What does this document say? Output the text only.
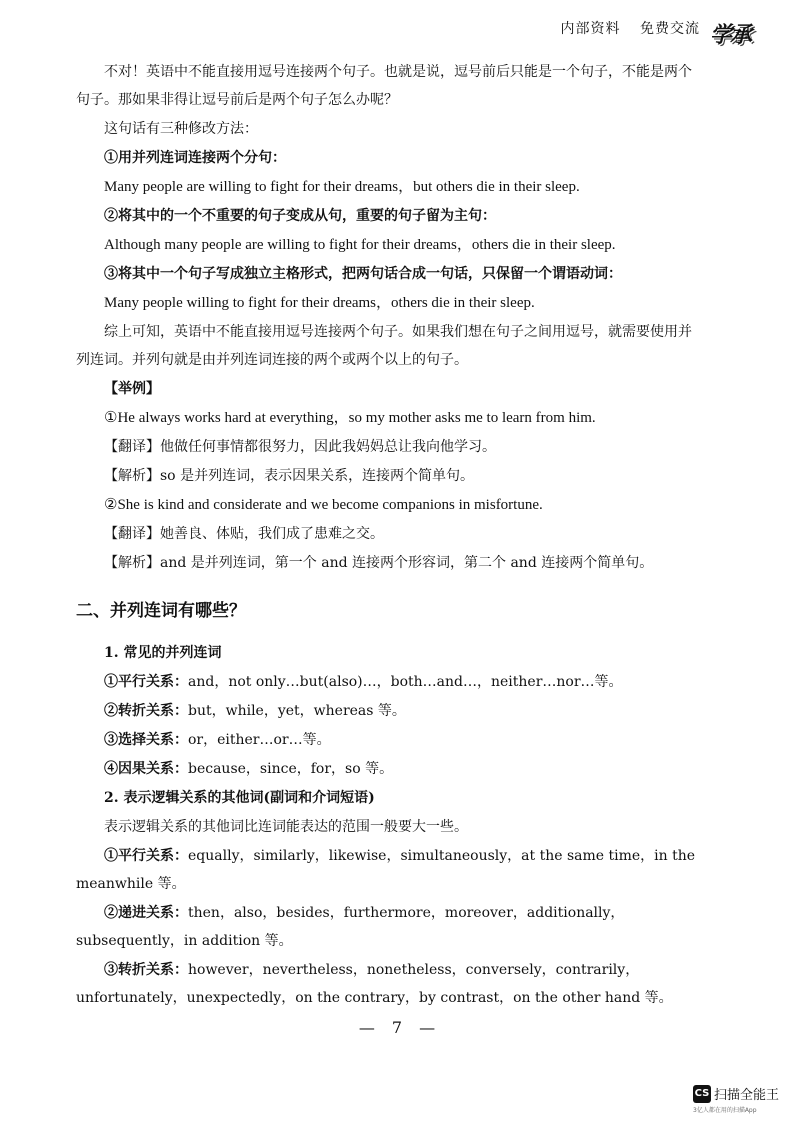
内部资料 免费交流 学承

不对！英语中不能直接用逗号连接两个句子。也就是说，逗号前后只能是一个句子，不能是两个句子。那如果非得让逗号前后是两个句子怎么办呢？

这句话有三种修改方法：

①用并列连词连接两个分句：

Many people are willing to fight for their dreams，but others die in their sleep.

②将其中的一个不重要的句子变成从句，重要的句子留为主句：

Although many people are willing to fight for their dreams，others die in their sleep.

③将其中一个句子写成独立主格形式，把两句话合成一句话，只保留一个谓语动词：

Many people willing to fight for their dreams，others die in their sleep.

综上可知，英语中不能直接用逗号连接两个句子。如果我们想在句子之间用逗号，就需要使用并列连词。并列句就是由并列连词连接的两个或两个以上的句子。

【举例】

①He always works hard at everything，so my mother asks me to learn from him.

【翻译】他做任何事情都很努力，因此我妈妈总让我向他学习。

【解析】so 是并列连词，表示因果关系，连接两个简单句。

②She is kind and considerate and we become companions in misfortune.

【翻译】她善良、体贴，我们成了患难之交。

【解析】and 是并列连词，第一个 and 连接两个形容词，第二个 and 连接两个简单句。

二、并列连词有哪些？

1. 常见的并列连词

①平行关系：and，not only…but(also)…，both…and…，neither…nor…等。

②转折关系：but，while，yet，whereas 等。

③选择关系：or，either…or…等。

④因果关系：because，since，for，so 等。

2. 表示逻辑关系的其他词(副词和介词短语)

表示逻辑关系的其他词比连词能表达的范围一般要大一些。

①平行关系：equally，similarly，likewise，simultaneously，at the same time，in the meanwhile 等。

②递进关系：then，also，besides，furthermore，moreover，additionally，subsequently，in addition 等。

③转折关系：however，nevertheless，nonetheless，conversely，contrarily，unfortunately，unexpectedly，on the contrary，by contrast，on the other hand 等。

— 7 —
CS 扫描全能王
3亿人都在用的扫描App
